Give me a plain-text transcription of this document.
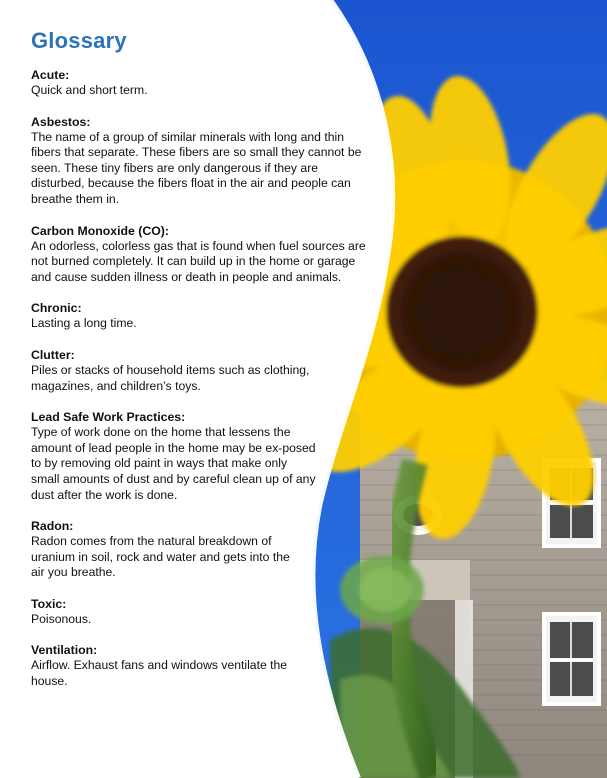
Glossary
Acute:
Quick and short term.
Asbestos:
The name of a group of similar minerals with long and thin fibers that separate. These fibers are so small they cannot be seen. These tiny fibers are only dangerous if they are disturbed, because the fibers float in the air and people can breathe them in.
Carbon Monoxide (CO):
An odorless, colorless gas that is found when fuel sources are not burned completely. It can build up in the home or garage and cause sudden illness or death in people and animals.
Chronic:
Lasting a long time.
Clutter:
Piles or stacks of household items such as clothing, magazines, and children’s toys.
Lead Safe Work Practices:
Type of work done on the home that lessens the amount of lead people in the home may be ex-posed to by removing old paint in ways that make only small amounts of dust and by careful clean up of any dust after the work is done.
Radon:
Radon comes from the natural breakdown of uranium in soil, rock and water and gets into the air you breathe.
Toxic:
Poisonous.
Ventilation:
Airflow. Exhaust fans and windows ventilate the house.
